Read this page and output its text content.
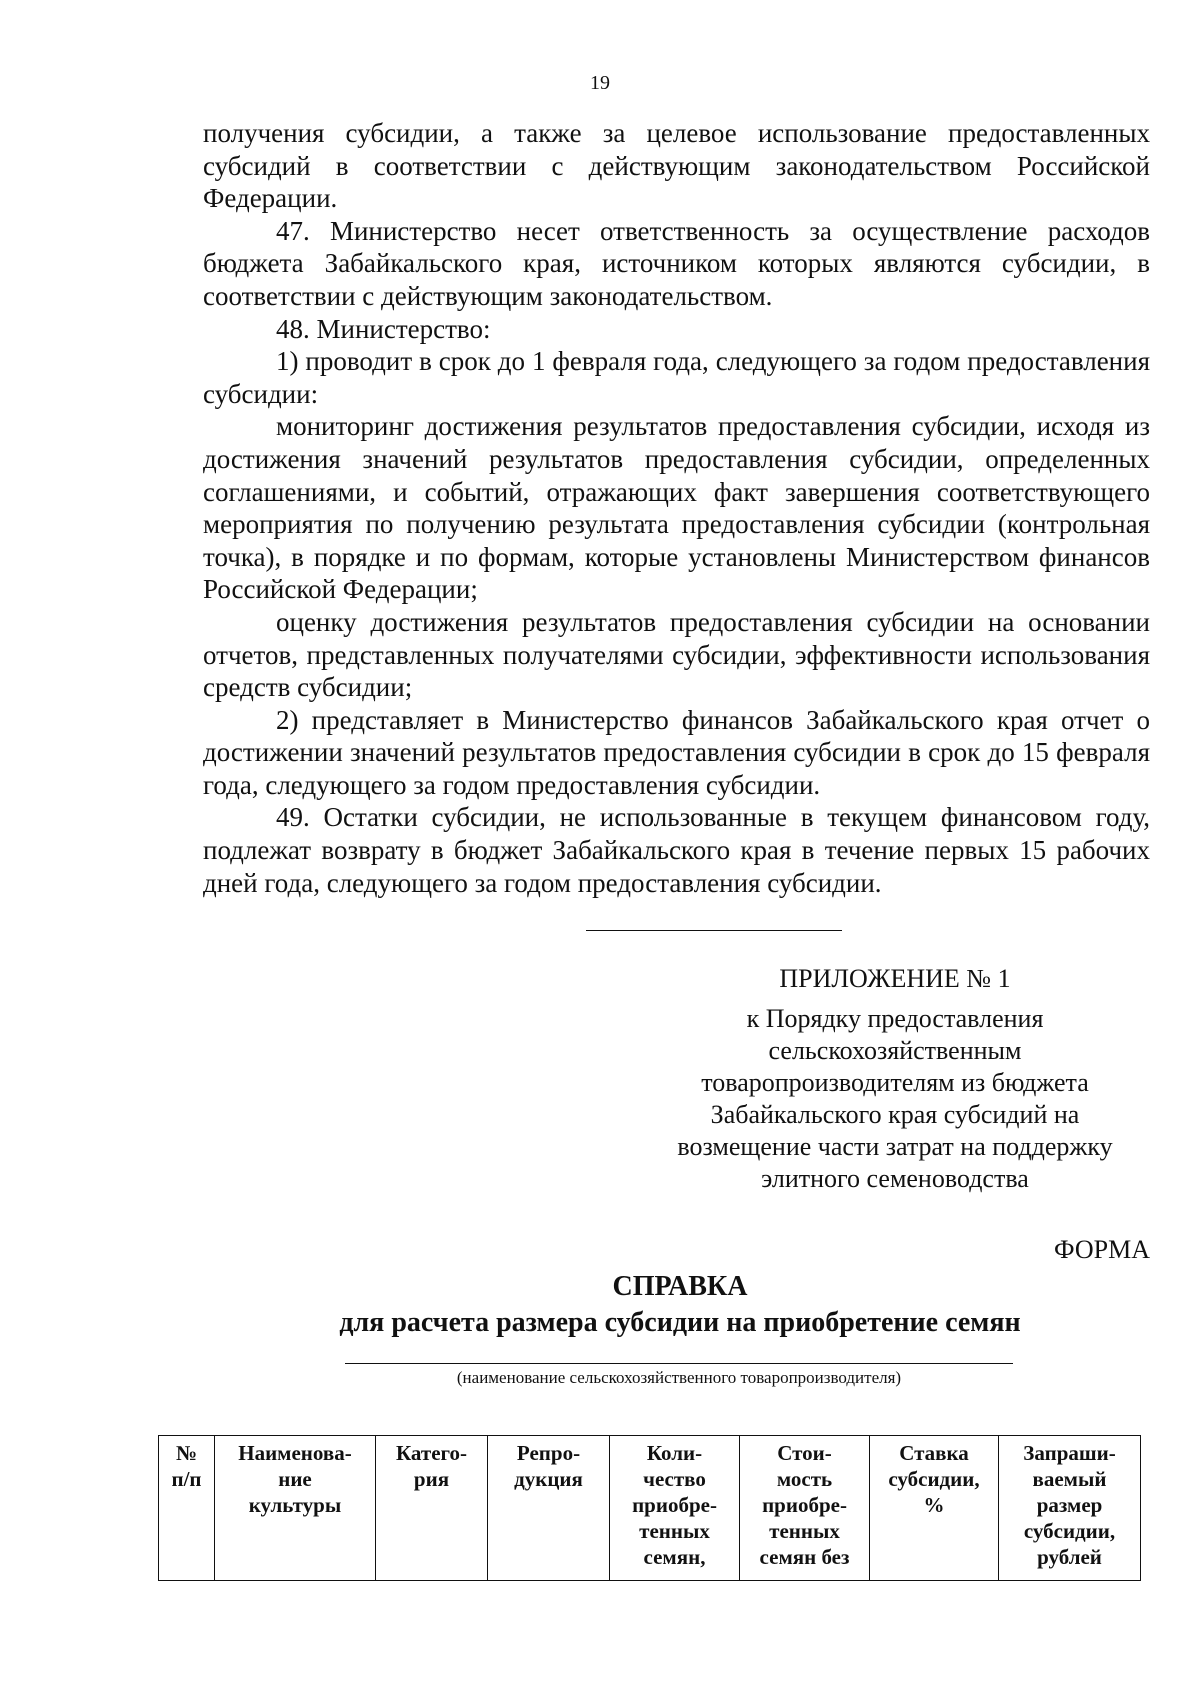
19

получения субсидии, а также за целевое использование предоставленных субсидий в соответствии с действующим законодательством Российской Федерации.

47. Министерство несет ответственность за осуществление расходов бюджета Забайкальского края, источником которых являются субсидии, в соответствии с действующим законодательством.

48. Министерство:

1) проводит в срок до 1 февраля года, следующего за годом предоставления субсидии:

мониторинг достижения результатов предоставления субсидии, исходя из достижения значений результатов предоставления субсидии, определенных соглашениями, и событий, отражающих факт завершения соответствующего мероприятия по получению результата предоставления субсидии (контрольная точка), в порядке и по формам, которые установлены Министерством финансов Российской Федерации;

оценку достижения результатов предоставления субсидии на основании отчетов, представленных получателями субсидии, эффективности использования средств субсидии;

2) представляет в Министерство финансов Забайкальского края отчет о достижении значений результатов предоставления субсидии в срок до 15 февраля года, следующего за годом предоставления субсидии.

49. Остатки субсидии, не использованные в текущем финансовом году, подлежат возврату в бюджет Забайкальского края в течение первых 15 рабочих дней года, следующего за годом предоставления субсидии.

ПРИЛОЖЕНИЕ № 1
к Порядку предоставления
сельскохозяйственным
товаропроизводителям из бюджета
Забайкальского края субсидий на
возмещение части затрат на поддержку
элитного семеноводства
ФОРМА
СПРАВКА
для расчета размера субсидии на приобретение семян
(наименование сельскохозяйственного товаропроизводителя)
№
п/п

Наименова-
ние
культуры

Катего-
рия

Репро-
дукция

Коли-
чество
приобре-
тенных
семян,

Стои-
мость
приобре-
тенных
семян без

Ставка
субсидии,
%

Запраши-
ваемый
размер
субсидии,
рублей
